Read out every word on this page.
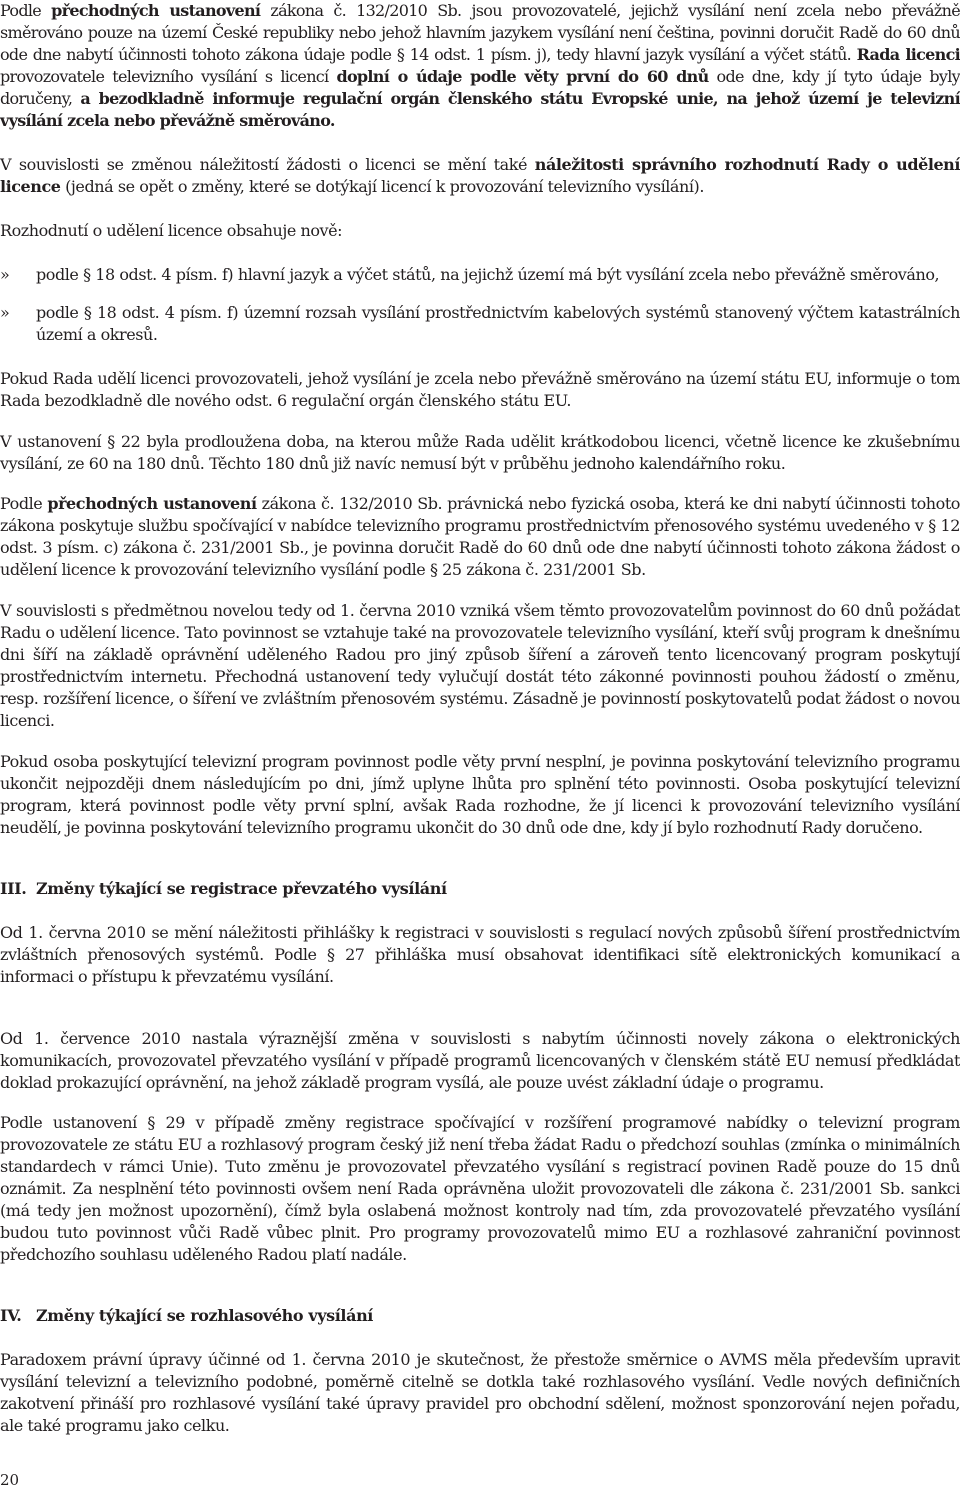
Podle přechodných ustanovení zákona č. 132/2010 Sb. jsou provozovatelé, jejichž vysílání není zcela nebo převážně směrováno pouze na území České republiky nebo jehož hlavním jazykem vysílání není čeština, povinni doručit Radě do 60 dnů ode dne nabytí účinnosti tohoto zákona údaje podle § 14 odst. 1 písm. j), tedy hlavní jazyk vysílání a výčet států. Rada licenci provozovatele televizního vysílání s licencí doplní o údaje podle věty první do 60 dnů ode dne, kdy jí tyto údaje byly doručeny, a bezodkladně informuje regulační orgán členského státu Evropské unie, na jehož území je televizní vysílání zcela nebo převážně směrováno.

V souvislosti se změnou náležitostí žádosti o licenci se mění také náležitosti správního rozhodnutí Rady o udělení licence (jedná se opět o změny, které se dotýkají licencí k provozování televizního vysílání).

Rozhodnutí o udělení licence obsahuje nově:

» podle § 18 odst. 4 písm. f) hlavní jazyk a výčet států, na jejichž území má být vysílání zcela nebo převážně směrováno,
» podle § 18 odst. 4 písm. f) územní rozsah vysílání prostřednictvím kabelových systémů stanovený výčtem katastrálních území a okresů.

Pokud Rada udělí licenci provozovateli, jehož vysílání je zcela nebo převážně směrováno na území státu EU, informuje o tom Rada bezodkladně dle nového odst. 6 regulační orgán členského státu EU.

V ustanovení § 22 byla prodloužena doba, na kterou může Rada udělit krátkodobou licenci, včetně licence ke zkušebnímu vysílání, ze 60 na 180 dnů. Těchto 180 dnů již navíc nemusí být v průběhu jednoho kalendářního roku.

Podle přechodných ustanovení zákona č. 132/2010 Sb. právnická nebo fyzická osoba, která ke dni nabytí účinnosti tohoto zákona poskytuje službu spočívající v nabídce televizního programu prostřednictvím přenosového systému uvedeného v § 12 odst. 3 písm. c) zákona č. 231/2001 Sb., je povinna doručit Radě do 60 dnů ode dne nabytí účinnosti tohoto zákona žádost o udělení licence k provozování televizního vysílání podle § 25 zákona č. 231/2001 Sb.

V souvislosti s předmětnou novelou tedy od 1. června 2010 vzniká všem těmto provozovatelům povinnost do 60 dnů požádat Radu o udělení licence. Tato povinnost se vztahuje také na provozovatele televizního vysílání, kteří svůj program k dnešnímu dni šíří na základě oprávnění uděleného Radou pro jiný způsob šíření a zároveň tento licencovaný program poskytují prostřednictvím internetu. Přechodná ustanovení tedy vylučují dostát této zákonné povinnosti pouhou žádostí o změnu, resp. rozšíření licence, o šíření ve zvláštním přenosovém systému. Zásadně je povinností poskytovatelů podat žádost o novou licenci.

Pokud osoba poskytující televizní program povinnost podle věty první nesplní, je povinna poskytování televizního programu ukončit nejpozději dnem následujícím po dni, jímž uplyne lhůta pro splnění této povinnosti. Osoba poskytující televizní program, která povinnost podle věty první splní, avšak Rada rozhodne, že jí licenci k provozování televizního vysílání neudělí, je povinna poskytování televizního programu ukončit do 30 dnů ode dne, kdy jí bylo rozhodnutí Rady doručeno.

III. Změny týkající se registrace převzatého vysílání

Od 1. června 2010 se mění náležitosti přihlášky k registraci v souvislosti s regulací nových způsobů šíření prostřednictvím zvláštních přenosových systémů. Podle § 27 přihláška musí obsahovat identifikaci sítě elektronických komunikací a informaci o přístupu k převzatému vysílání.

Od 1. července 2010 nastala výraznější změna v souvislosti s nabytím účinnosti novely zákona o elektronických komunikacích, provozovatel převzatého vysílání v případě programů licencovaných v členském státě EU nemusí předkládat doklad prokazující oprávnění, na jehož základě program vysílá, ale pouze uvést základní údaje o programu.

Podle ustanovení § 29 v případě změny registrace spočívající v rozšíření programové nabídky o televizní program provozovatele ze státu EU a rozhlasový program český již není třeba žádat Radu o předchozí souhlas (zmínka o minimálních standardech v rámci Unie). Tuto změnu je provozovatel převzatého vysílání s registrací povinen Radě pouze do 15 dnů oznámit. Za nesplnění této povinnosti ovšem není Rada oprávněna uložit provozovateli dle zákona č. 231/2001 Sb. sankci (má tedy jen možnost upozornění), čímž byla oslabená možnost kontroly nad tím, zda provozovatelé převzatého vysílání budou tuto povinnost vůči Radě vůbec plnit. Pro programy provozovatelů mimo EU a rozhlasové zahraniční povinnost předchozího souhlasu uděleného Radou platí nadále.

IV. Změny týkající se rozhlasového vysílání

Paradoxem právní úpravy účinné od 1. června 2010 je skutečnost, že přestože směrnice o AVMS měla především upravit vysílání televizní a televizního podobné, poměrně citelně se dotkla také rozhlasového vysílání. Vedle nových definičních zakotvení přináší pro rozhlasové vysílání také úpravy pravidel pro obchodní sdělení, možnost sponzorování nejen pořadu, ale také programu jako celku.

20
